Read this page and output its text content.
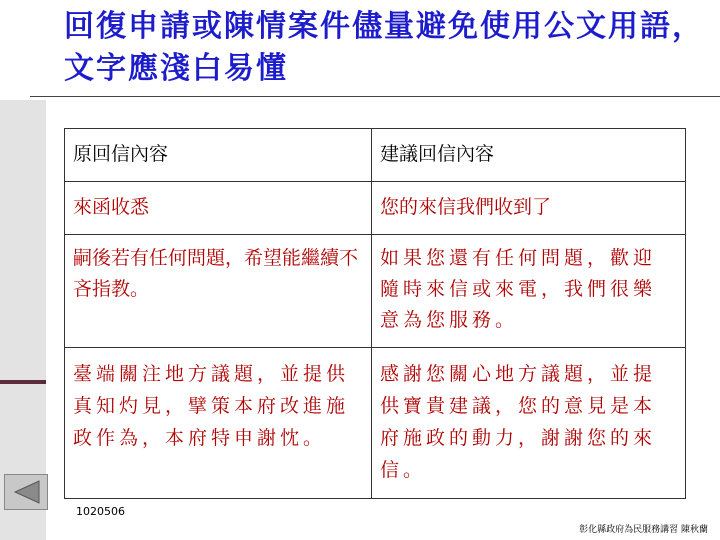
回復申請或陳情案件儘量避免使用公文用語，文字應淺白易懂
原回信內容	建議回信內容
來函收悉	您的來信我們收到了
嗣後若有任何問題，希望能繼續不吝指教。	如果您還有任何問題，歡迎隨時來信或來電，我們很樂意為您服務。
臺端關注地方議題，並提供真知灼見，擘策本府改進施政作為，本府特申謝忱。	感謝您關心地方議題，並提供寶貴建議，您的意見是本府施政的動力，謝謝您的來信。
1020506
彰化縣政府為民服務講習 陳秋蘭
